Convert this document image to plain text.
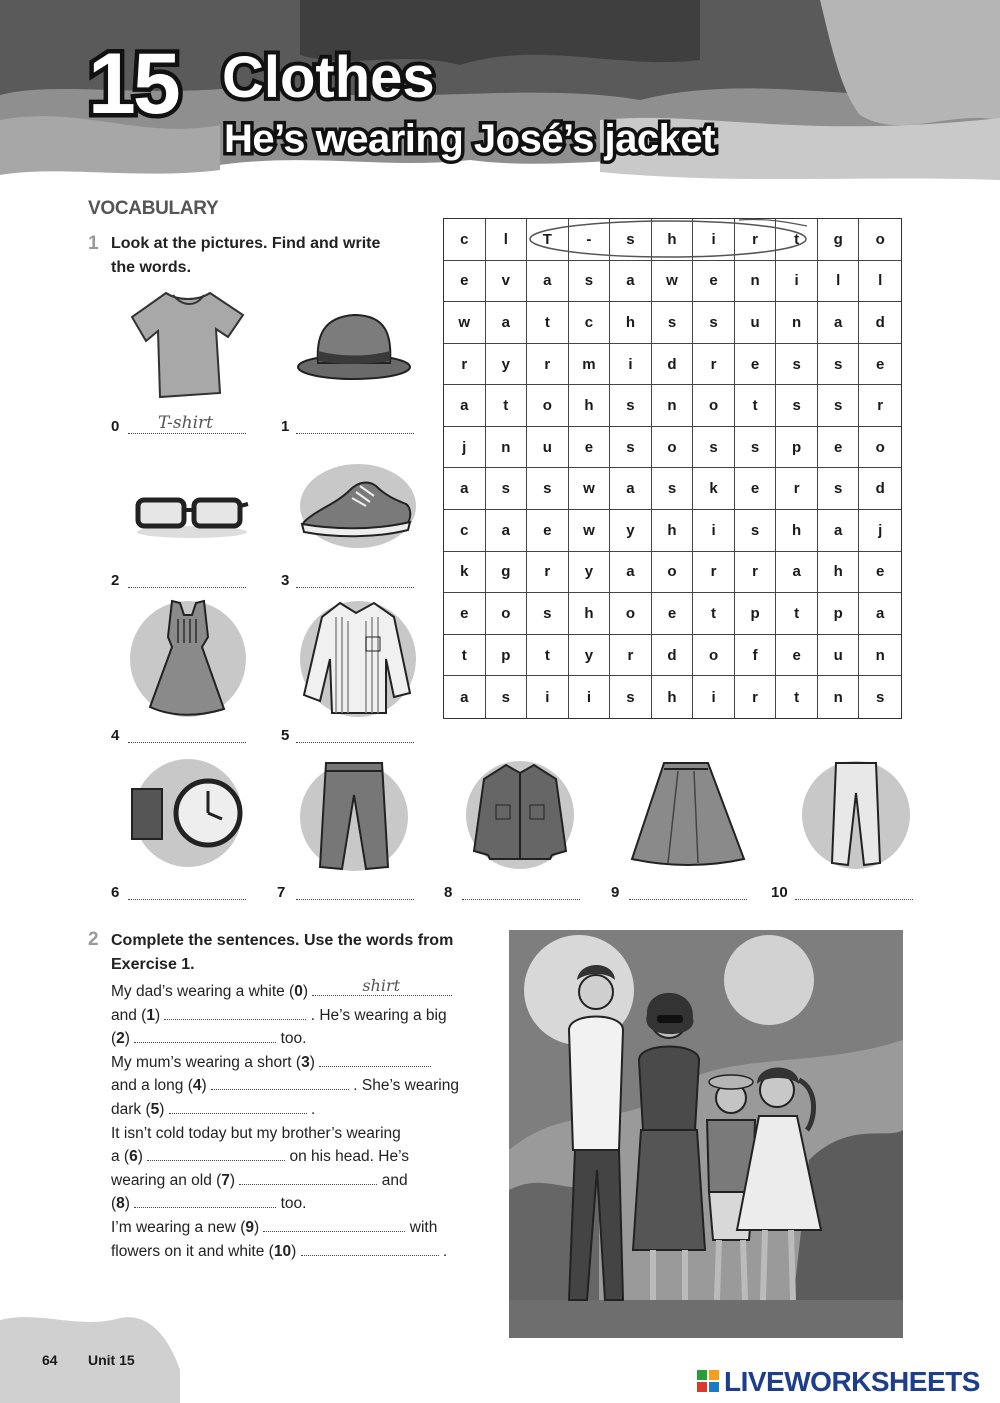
15 Clothes
He’s wearing José’s jacket
VOCABULARY
1 Look at the pictures. Find and write
the words.
0 T-shirt	1
2	3
4	5
6	7	8	9	10
c	l	T	-	s	h	i	r	t	g	o
e	v	a	s	a	w	e	n	i	l	l
w	a	t	c	h	s	s	u	n	a	d
r	y	r	m	i	d	r	e	s	s	e
a	t	o	h	s	n	o	t	s	s	r
j	n	u	e	s	o	s	s	p	e	o
a	s	s	w	a	s	k	e	r	s	d
c	a	e	w	y	h	i	s	h	a	j
k	g	r	y	a	o	r	r	a	h	e
e	o	s	h	o	e	t	p	t	p	a
t	p	t	y	r	d	o	f	e	u	n
a	s	i	i	s	h	i	r	t	n	s
2 Complete the sentences. Use the words from
Exercise 1.
My dad’s wearing a white (0)	shirt
and (1)	. He’s wearing a big
(2)	too.
My mum’s wearing a short (3)
and a long (4)	. She’s wearing
dark (5)	.
It isn’t cold today but my brother’s wearing
a (6)	on his head. He’s
wearing an old (7)	and
(8)	too.
I’m wearing a new (9)	with
flowers on it and white (10)	.
64 Unit 15
LIVEWORKSHEETS
